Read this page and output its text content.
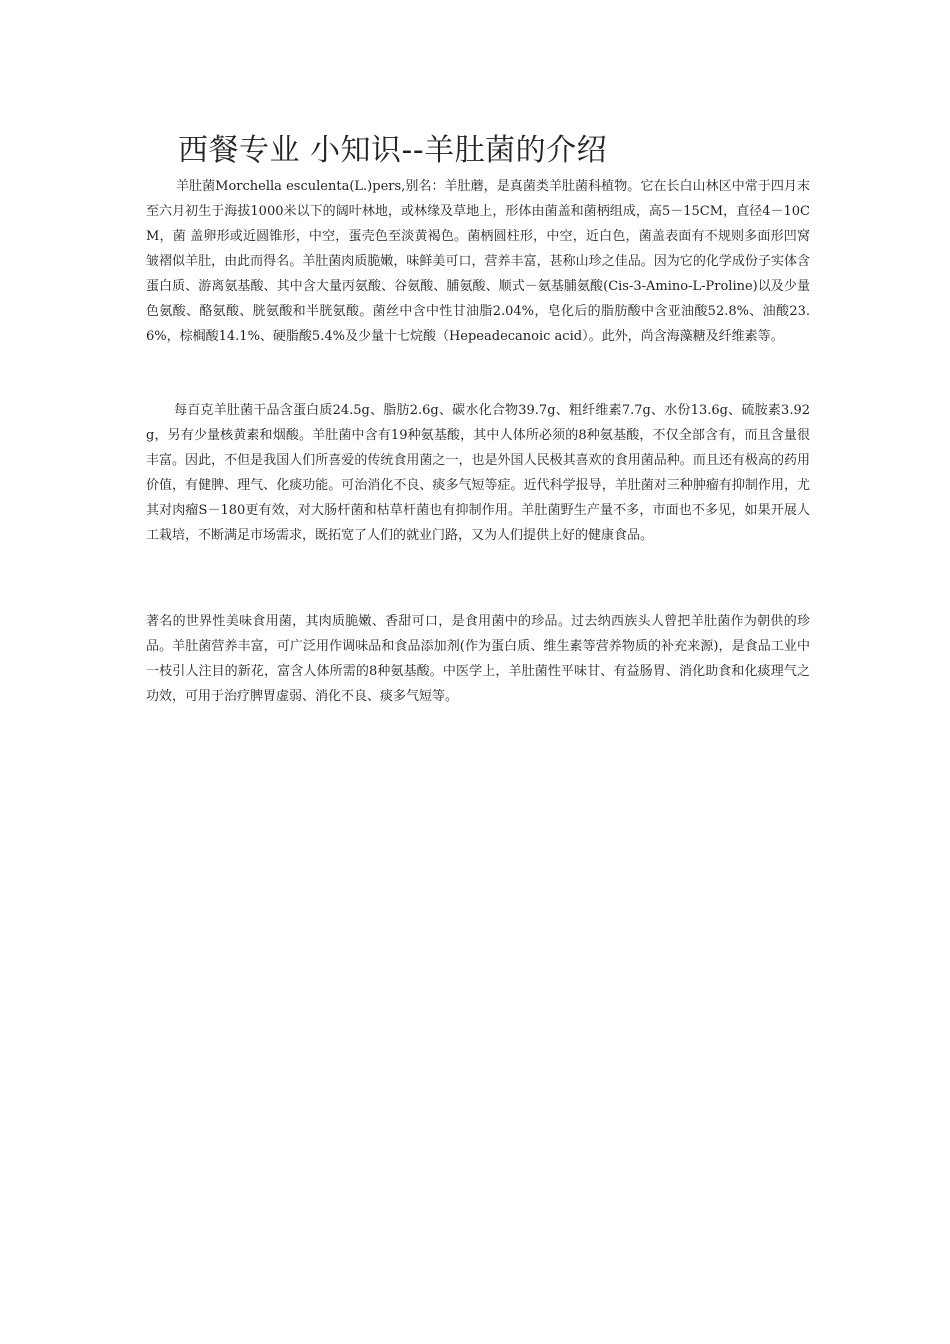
西餐专业 小知识--羊肚菌的介绍

羊肚菌Morchella esculenta(L.)pers,别名：羊肚蘑，是真菌类羊肚菌科植物。它在长白山林区中常于四月末至六月初生于海拔1000米以下的阔叶林地，或林缘及草地上，形体由菌盖和菌柄组成，高5－15CM，直径4－10CM，菌 盖卵形或近圆锥形，中空，蛋壳色至淡黄褐色。菌柄圆柱形，中空，近白色，菌盖表面有不规则多面形凹窝皱褶似羊肚，由此而得名。羊肚菌肉质脆嫩，味鲜美可口，营养丰富，甚称山珍之佳品。因为它的化学成份子实体含蛋白质、游离氨基酸、其中含大量丙氨酸、谷氨酸、脯氨酸、顺式－氨基脯氨酸(Cis-3-Amino-L-Proline)以及少量色氨酸、酪氨酸、胱氨酸和半胱氨酸。菌丝中含中性甘油脂2.04%，皂化后的脂肪酸中含亚油酸52.8%、油酸23.6%，棕榈酸14.1%、硬脂酸5.4%及少量十七烷酸（Hepeadecanoic acid）。此外，尚含海藻糖及纤维素等。

每百克羊肚菌干品含蛋白质24.5g、脂肪2.6g、碳水化合物39.7g、粗纤维素7.7g、水份13.6g、硫胺素3.92g，另有少量核黄素和烟酸。羊肚菌中含有19种氨基酸，其中人体所必须的8种氨基酸，不仅全部含有，而且含量很丰富。因此，不但是我国人们所喜爱的传统食用菌之一，也是外国人民极其喜欢的食用菌品种。而且还有极高的药用价值，有健脾、理气、化痰功能。可治消化不良、痰多气短等症。近代科学报导，羊肚菌对三种肿瘤有抑制作用，尤其对肉瘤S－180更有效，对大肠杆菌和枯草杆菌也有抑制作用。羊肚菌野生产量不多，市面也不多见，如果开展人工栽培，不断满足市场需求，既拓宽了人们的就业门路，又为人们提供上好的健康食品。

著名的世界性美味食用菌，其肉质脆嫩、香甜可口，是食用菌中的珍品。过去纳西族头人曾把羊肚菌作为朝供的珍品。羊肚菌营养丰富，可广泛用作调味品和食品添加剂(作为蛋白质、维生素等营养物质的补充来源)，是食品工业中一枝引人注目的新花，富含人体所需的8种氨基酸。中医学上，羊肚菌性平味甘、有益肠胃、消化助食和化痰理气之功效，可用于治疗脾胃虚弱、消化不良、痰多气短等。
